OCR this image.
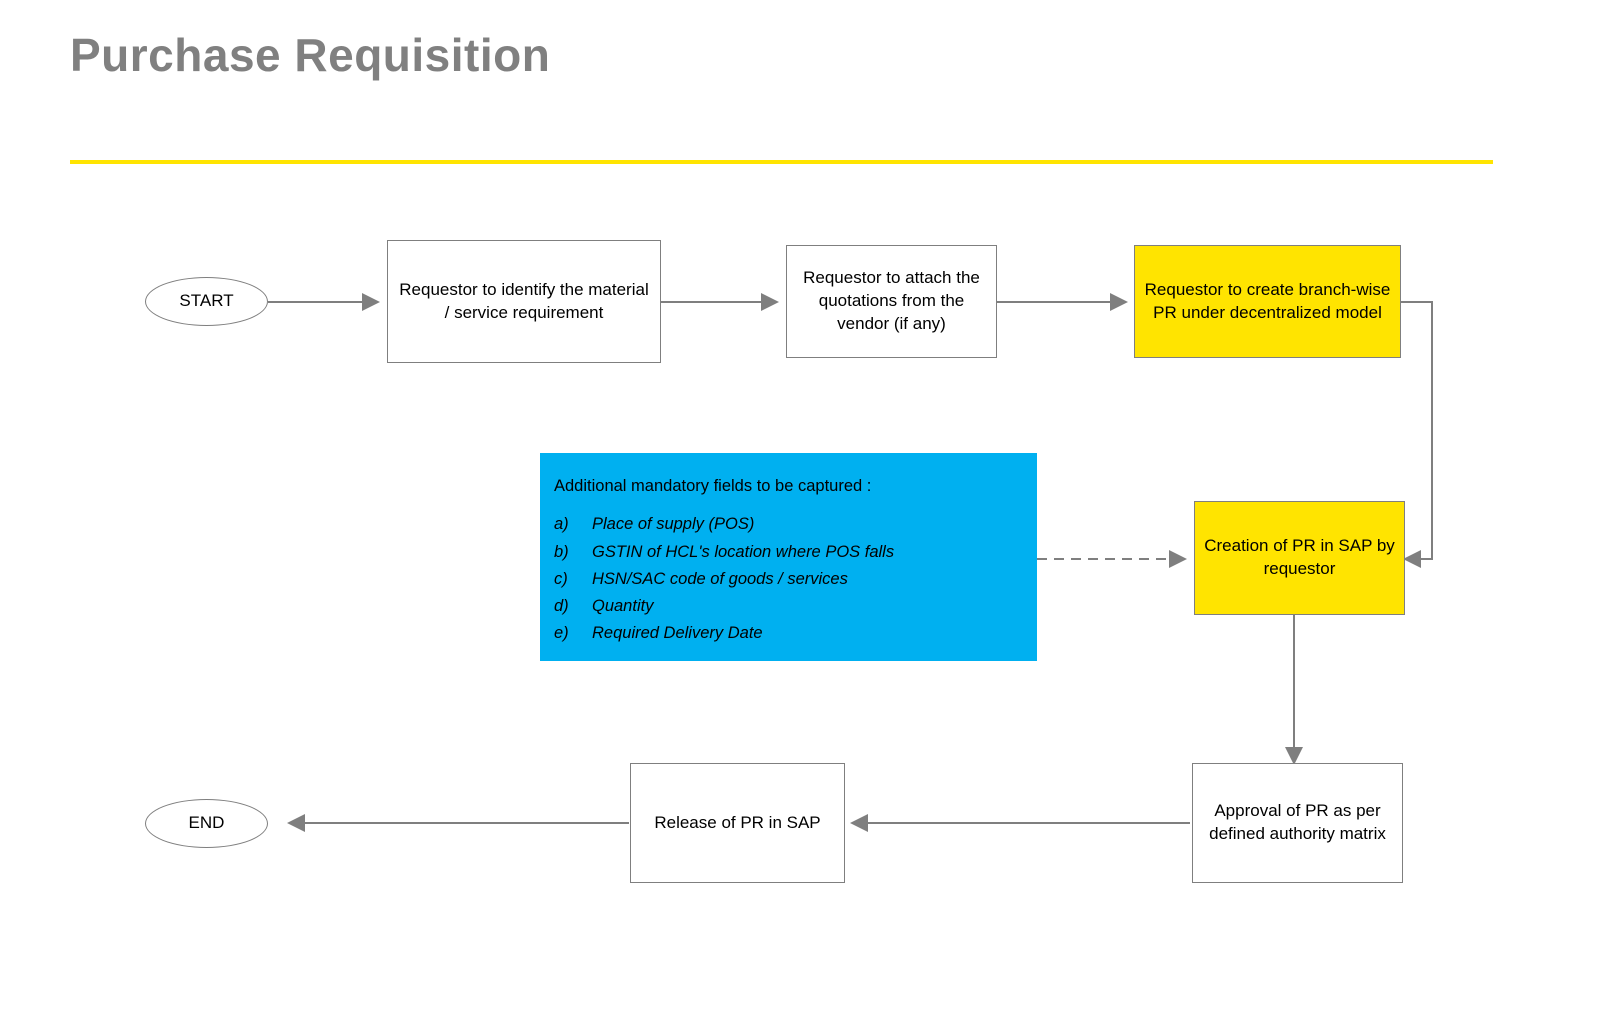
Purchase Requisition
START
Requestor to identify the material / service requirement
Requestor to attach the quotations from the vendor (if any)
Requestor to create branch-wise PR under decentralized model
Creation of PR in SAP by requestor
Approval of PR as per defined authority matrix
Release of PR in SAP
END
Additional mandatory fields to be captured :
a)	Place of supply (POS)
b)	GSTIN of HCL's location where POS falls
c)	HSN/SAC code of goods / services
d)	Quantity
e)	Required Delivery Date
